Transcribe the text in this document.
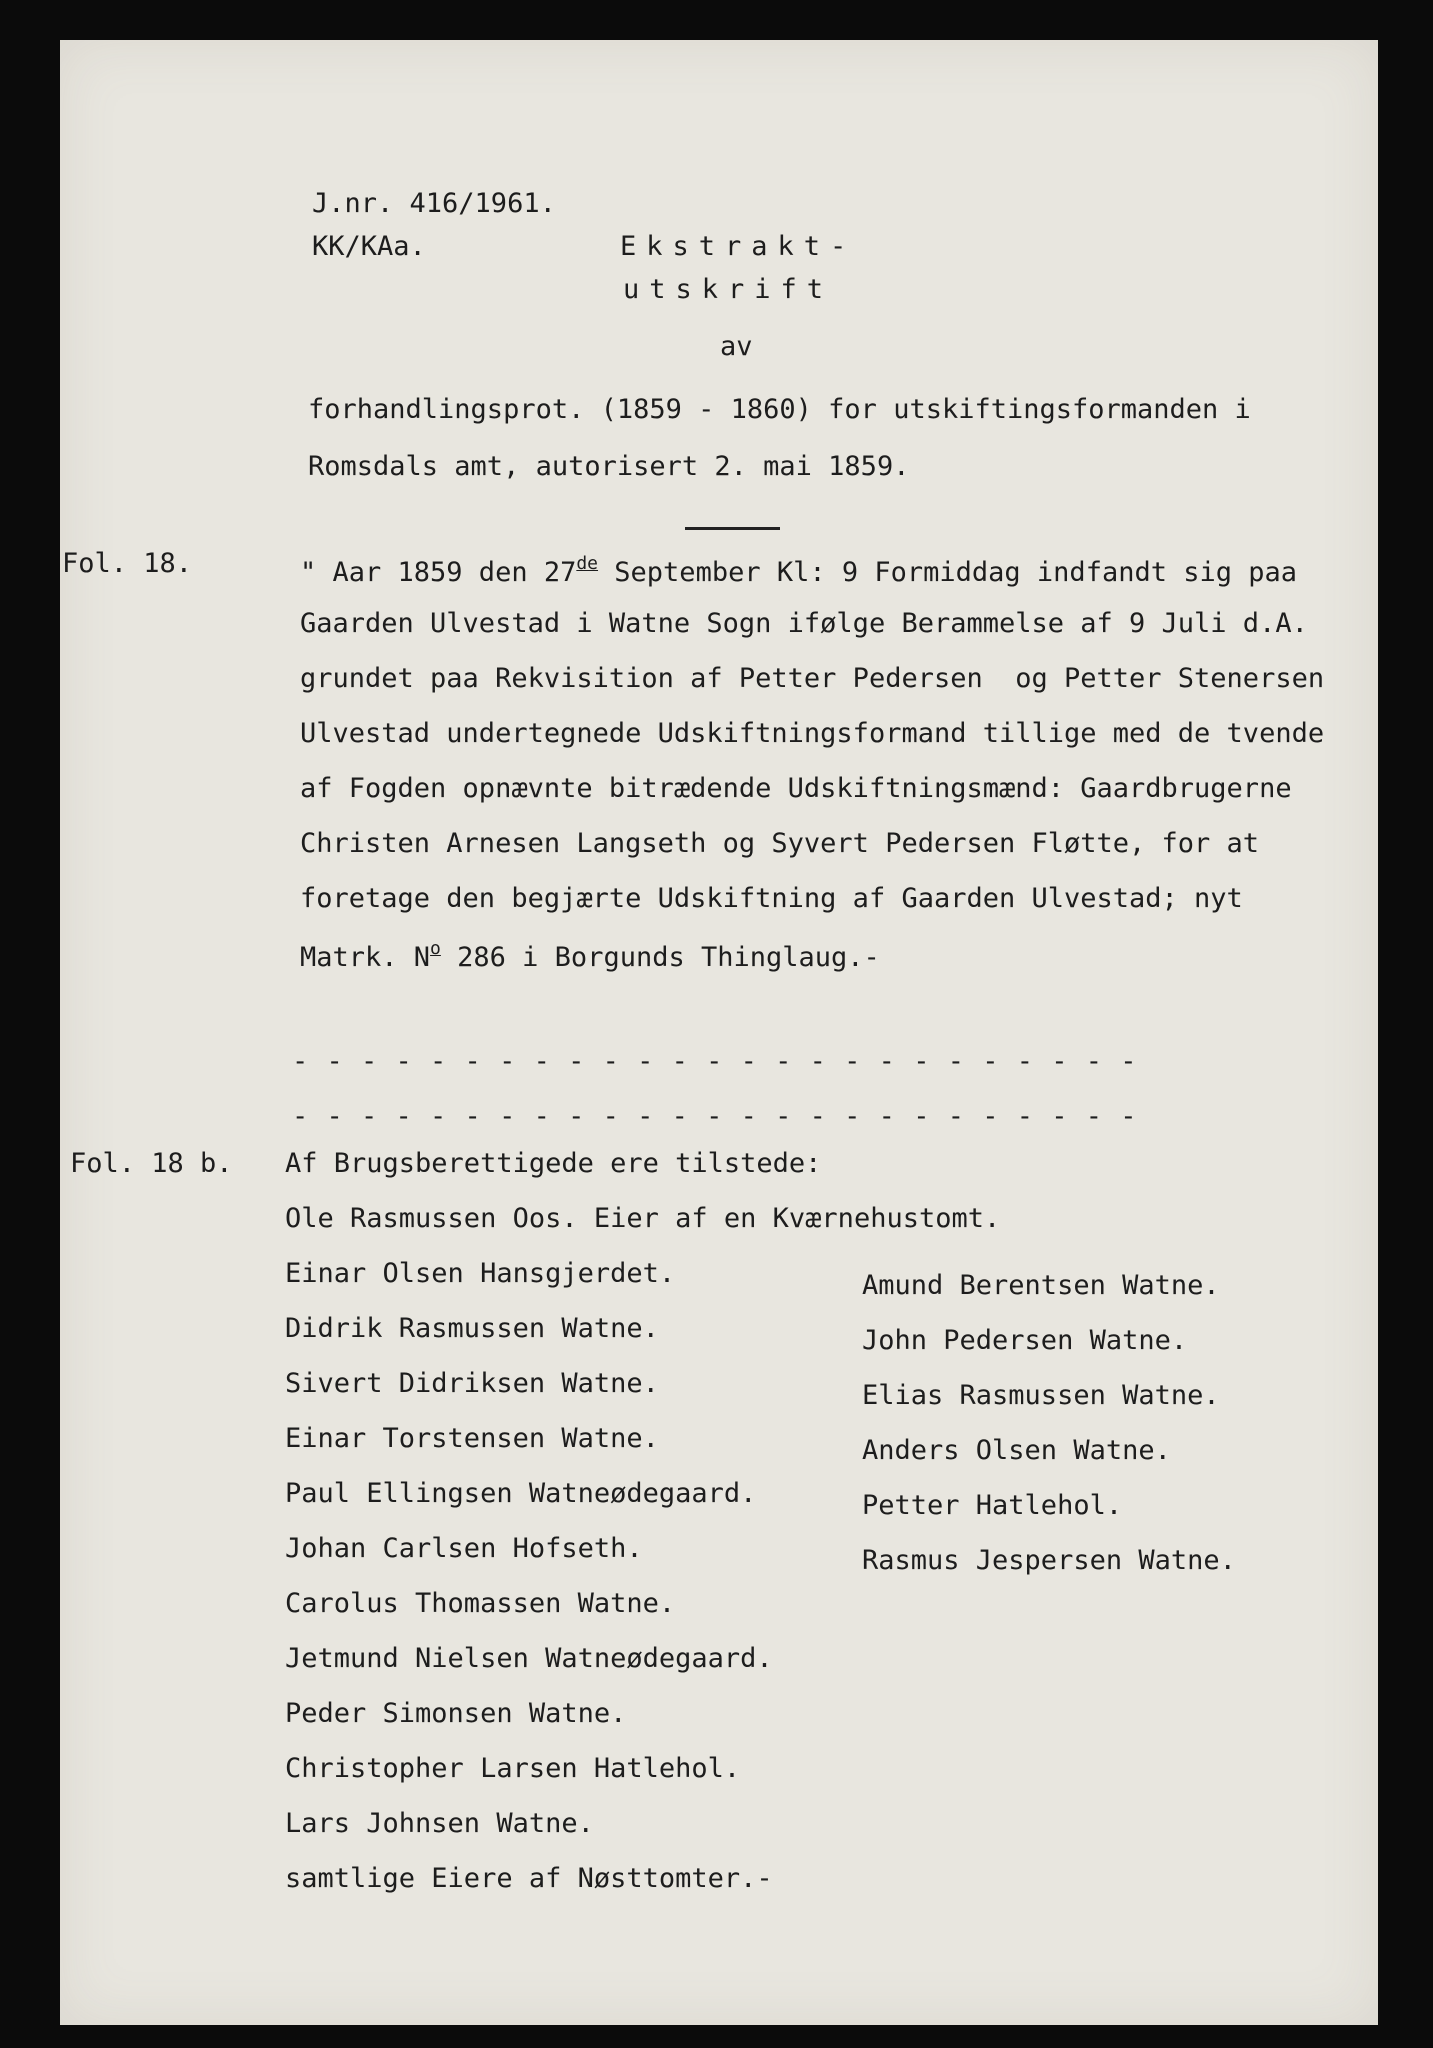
J.nr. 416/1961.
KK/KAa.	Ekstrakt-
utskrift
av
forhandlingsprot. (1859 - 1860) for utskiftingsformanden i
Romsdals amt, autorisert 2. mai 1859.
Fol. 18.	" Aar 1859 den 27de September Kl: 9 Formiddag indfandt sig paa
Gaarden Ulvestad i Watne Sogn ifølge Berammelse af 9 Juli d.A.
grundet paa Rekvisition af Petter Pedersen  og Petter Stenersen
Ulvestad undertegnede Udskiftningsformand tillige med de tvende
af Fogden opnævnte bitrædende Udskiftningsmænd: Gaardbrugerne
Christen Arnesen Langseth og Syvert Pedersen Fløtte, for at
foretage den begjærte Udskiftning af Gaarden Ulvestad; nyt
Matrk. $N^o$ 286 i Borgunds Thinglaug.-
- - - - - - - - - - - - - - - - - - - - - - - - -
- - - - - - - - - - - - - - - - - - - - - - - - -
Fol. 18 b. Af Brugsberettigede ere tilstede:
Ole Rasmussen Oos. Eier af en Kværnehustomt.
Einar Olsen Hansgjerdet.
Didrik Rasmussen Watne.
Sivert Didriksen Watne.
Einar Torstensen Watne.
Paul Ellingsen Watneødegaard.
Johan Carlsen Hofseth.
Carolus Thomassen Watne.
Jetmund Nielsen Watneødegaard.
Peder Simonsen Watne.
Christopher Larsen Hatlehol.
Lars Johnsen Watne.
samtlige Eiere af Nøsttomter.-
Amund Berentsen Watne.
John Pedersen Watne.
Elias Rasmussen Watne.
Anders Olsen Watne.
Petter Hatlehol.
Rasmus Jespersen Watne.
